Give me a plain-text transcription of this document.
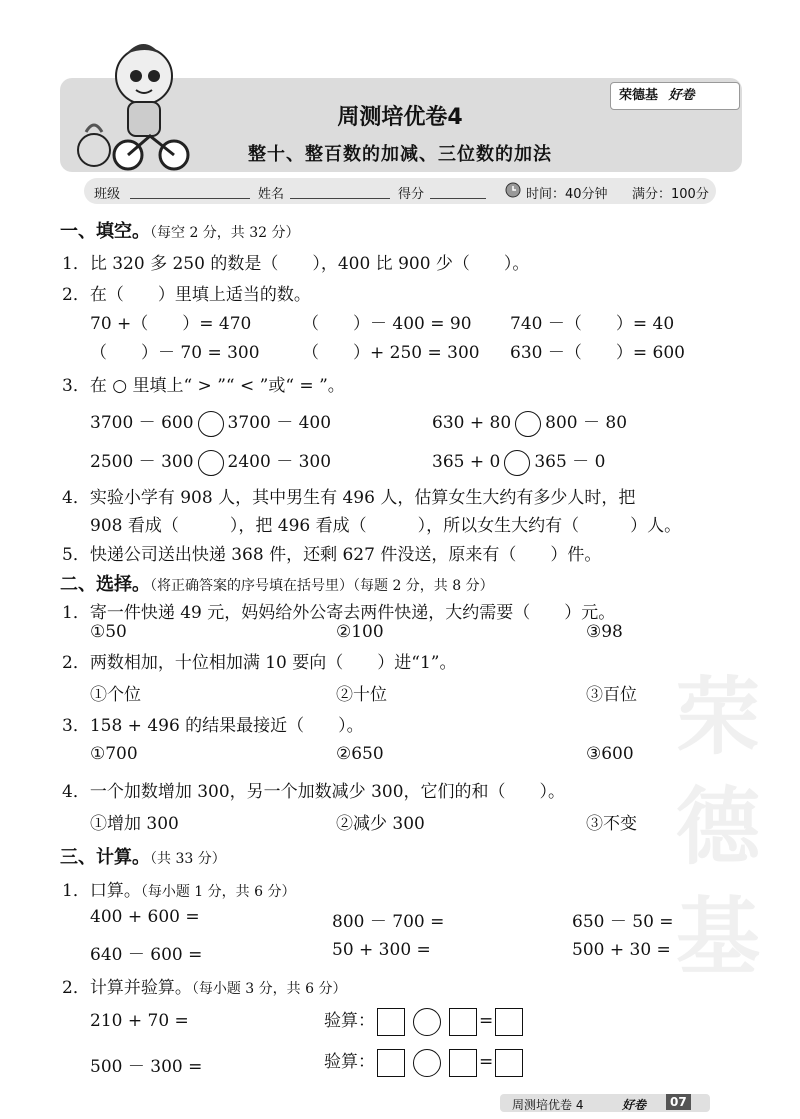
荣
德
基
周测培优卷4
整十、整百数的加减、三位数的加法
荣德基 好卷
班级	姓名	得分	时间：40分钟 满分：100分
一、填空。（每空 2 分，共 32 分）
1．比 320 多 250 的数是（　　），400 比 900 少（　　）。
2．在（　　）里填上适当的数。
70 +（　　）= 470	（　　）－ 400 = 90 740 －（　　）= 40
（　　）－ 70 = 300 （　　）+ 250 = 300 630 －（　　）= 600
3．在 ○ 里填上“ > ”“ < ”或“ = ”。
3700 － 600 3700 － 400	630 + 80 800 － 80
2500 － 300 2400 － 300	365 + 0 365 － 0
4．实验小学有 908 人，其中男生有 496 人，估算女生大约有多少人时，把
908 看成（　　　），把 496 看成（　　　），所以女生大约有（　　　）人。
5．快递公司送出快递 368 件，还剩 627 件没送，原来有（　　）件。
二、选择。（将正确答案的序号填在括号里）（每题 2 分，共 8 分）
1．寄一件快递 49 元，妈妈给外公寄去两件快递，大约需要（　　）元。
①50	②100	③98
2．两数相加，十位相加满 10 要向（　　）进“1”。
①个位	②十位	③百位
3．158 + 496 的结果最接近（　　）。
①700	②650	③600
4．一个加数增加 300，另一个加数减少 300，它们的和（　　）。
①增加 300	②减少 300	③不变
三、计算。（共 33 分）
1．口算。（每小题 1 分，共 6 分）
400 + 600 =	800 － 700 =	650 － 50 =
640 － 600 =	50 + 300 =	500 + 30 =
2．计算并验算。（每小题 3 分，共 6 分）
210 + 70 =	验算：	=
500 － 300 =	验算：	=
周测培优卷 4	好卷	07
